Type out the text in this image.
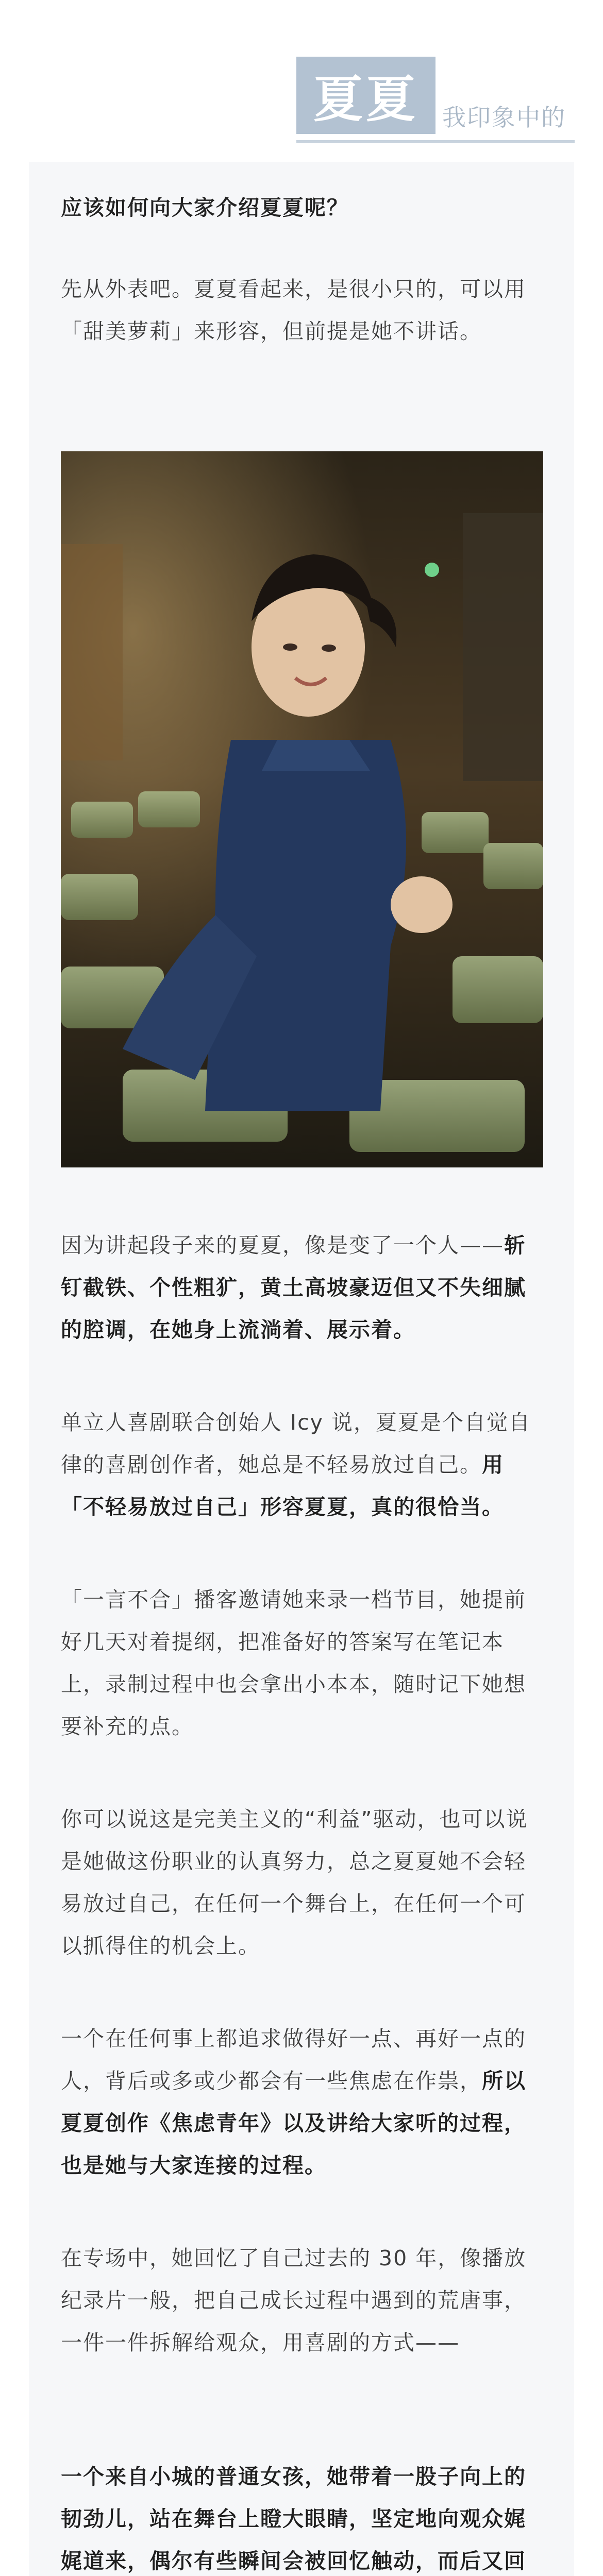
夏夏	我印象中的
应该如何向大家介绍夏夏呢？

先从外表吧。夏夏看起来，是很小只的，可以用「甜美萝莉」来形容，但前提是她不讲话。

因为讲起段子来的夏夏，像是变了一个人——斩钉截铁、个性粗犷，黄土高坡豪迈但又不失细腻的腔调，在她身上流淌着、展示着。

单立人喜剧联合创始人 Icy 说，夏夏是个自觉自律的喜剧创作者，她总是不轻易放过自己。用「不轻易放过自己」形容夏夏，真的很恰当。

「一言不合」播客邀请她来录一档节目，她提前好几天对着提纲，把准备好的答案写在笔记本上，录制过程中也会拿出小本本，随时记下她想要补充的点。

你可以说这是完美主义的“利益”驱动，也可以说是她做这份职业的认真努力，总之夏夏她不会轻易放过自己，在任何一个舞台上，在任何一个可以抓得住的机会上。

一个在任何事上都追求做得好一点、再好一点的人，背后或多或少都会有一些焦虑在作祟，所以夏夏创作《焦虑青年》以及讲给大家听的过程，也是她与大家连接的过程。

在专场中，她回忆了自己过去的 30 年，像播放纪录片一般，把自己成长过程中遇到的荒唐事，一件一件拆解给观众，用喜剧的方式——

一个来自小城的普通女孩，她带着一股子向上的韧劲儿，站在舞台上瞪大眼睛，坚定地向观众娓娓道来，偶尔有些瞬间会被回忆触动，而后又回
